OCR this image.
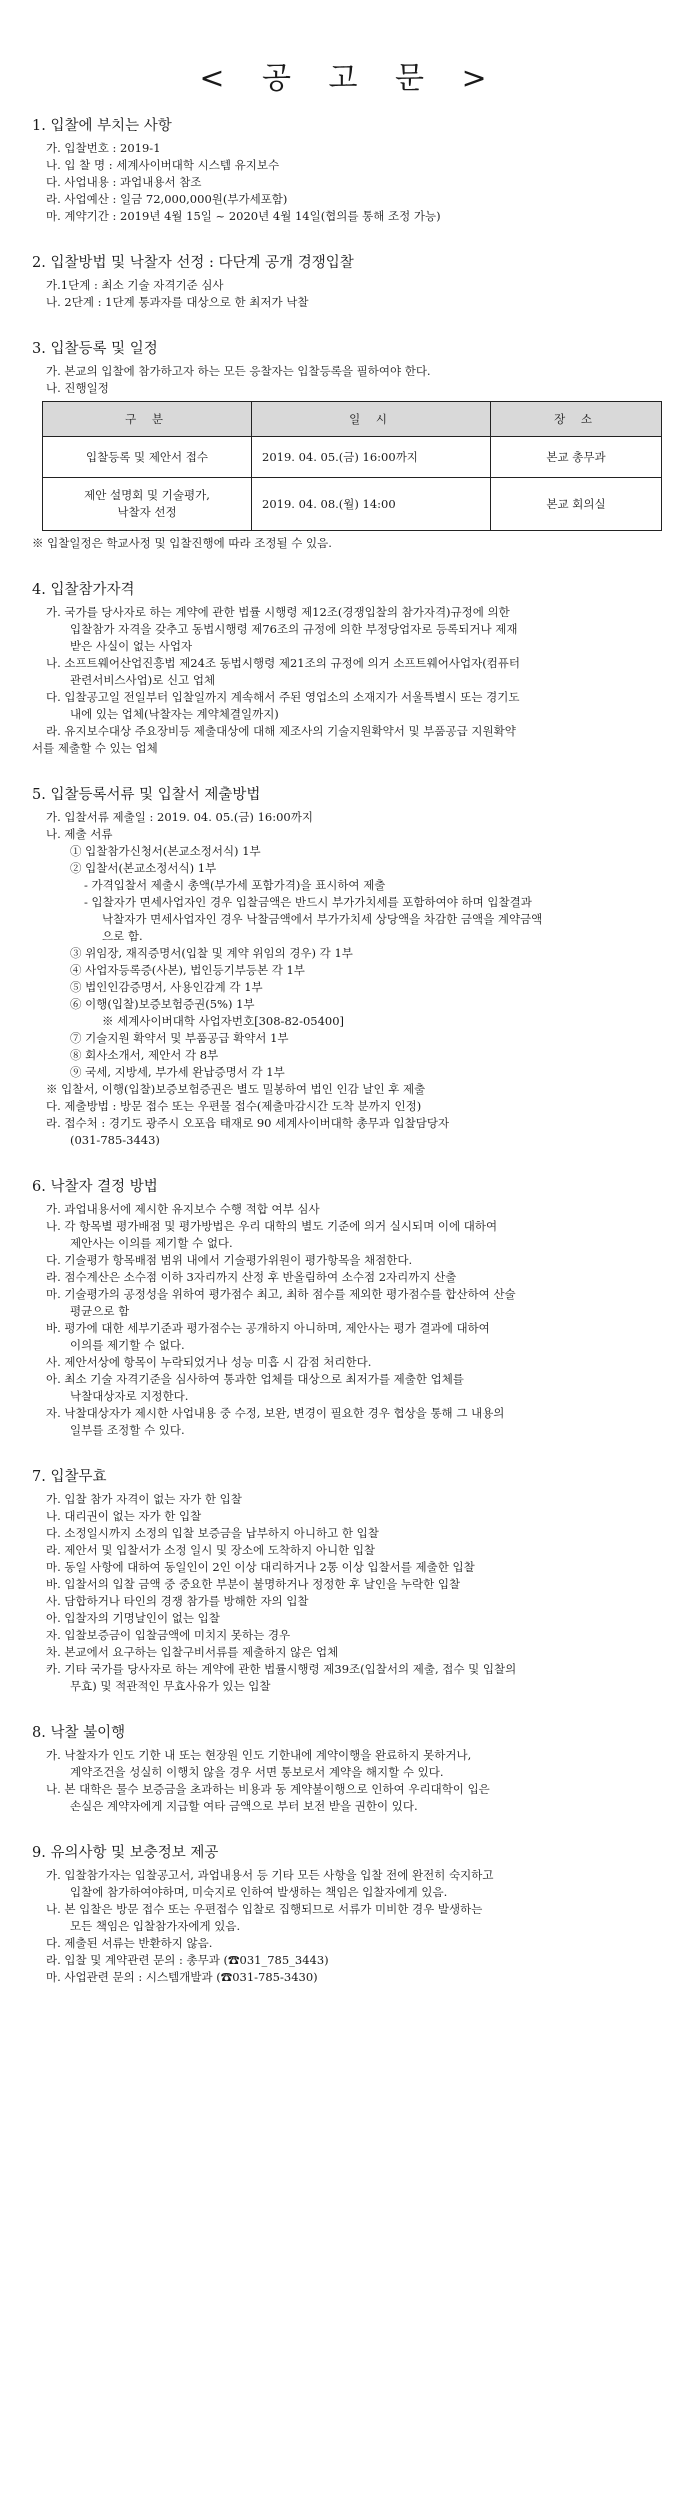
< 공 고 문 >
1. 입찰에 부치는 사항
가. 입찰번호 : 2019-1
나. 입 찰 명 : 세계사이버대학 시스템 유지보수
다. 사업내용 : 과업내용서 참조
라. 사업예산 : 일금 72,000,000원(부가세포함)
마. 계약기간 : 2019년 4월 15일 ~ 2020년 4월 14일(협의를 통해 조정 가능)
2. 입찰방법 및 낙찰자 선정 : 다단계 공개 경쟁입찰
가.1단계 : 최소 기술 자격기준 심사
나. 2단계 : 1단계 통과자를 대상으로 한 최저가 낙찰
3. 입찰등록 및 일정
가. 본교의 입찰에 참가하고자 하는 모든 응찰자는 입찰등록을 필하여야 한다.
나. 진행일정
구 분	일 시	장 소
입찰등록 및 제안서 접수	2019. 04. 05.(금) 16:00까지	본교 총무과

제안 설명회 및 기술평가,
낙찰자 선정	2019. 04. 08.(월) 14:00	본교 회의실
※ 입찰일정은 학교사정 및 입찰진행에 따라 조정될 수 있음.
4. 입찰참가자격
가. 국가를 당사자로 하는 계약에 관한 법률 시행령 제12조(경쟁입찰의 참가자격)규정에 의한
입찰참가 자격을 갖추고 동법시행령 제76조의 규정에 의한 부정당업자로 등록되거나 제재
받은 사실이 없는 사업자
나. 소프트웨어산업진흥법 제24조 동법시행령 제21조의 규정에 의거 소프트웨어사업자(컴퓨터
관련서비스사업)로 신고 업체
다. 입찰공고일 전일부터 입찰일까지 계속해서 주된 영업소의 소재지가 서울특별시 또는 경기도
내에 있는 업체(낙찰자는 계약체결일까지)
라. 유지보수대상 주요장비등 제출대상에 대해 제조사의 기술지원확약서 및 부품공급 지원확약
서를 제출할 수 있는 업체
5. 입찰등록서류 및 입찰서 제출방법
가. 입찰서류 제출일 : 2019. 04. 05.(금) 16:00까지
나. 제출 서류
① 입찰참가신청서(본교소정서식) 1부
② 입찰서(본교소정서식) 1부
- 가격입찰서 제출시 총액(부가세 포함가격)을 표시하여 제출
- 입찰자가 면세사업자인 경우 입찰금액은 반드시 부가가치세를 포함하여야 하며 입찰결과
낙찰자가 면세사업자인 경우 낙찰금액에서 부가가치세 상당액을 차감한 금액을 계약금액
으로 함.
③ 위임장, 재직증명서(입찰 및 계약 위임의 경우) 각 1부
④ 사업자등록증(사본), 법인등기부등본 각 1부
⑤ 법인인감증명서, 사용인감계 각 1부
⑥ 이행(입찰)보증보험증권(5%) 1부
※ 세계사이버대학 사업자번호[308-82-05400]
⑦ 기술지원 확약서 및 부품공급 확약서 1부
⑧ 회사소개서, 제안서 각 8부
⑨ 국세, 지방세, 부가세 완납증명서 각 1부
※ 입찰서, 이행(입찰)보증보험증권은 별도 밀봉하여 법인 인감 날인 후 제출
다. 제출방법 : 방문 접수 또는 우편물 접수(제출마감시간 도착 분까지 인정)
라. 접수처 : 경기도 광주시 오포읍 태재로 90 세계사이버대학 총무과 입찰담당자
(031-785-3443)
6. 낙찰자 결정 방법
가. 과업내용서에 제시한 유지보수 수행 적합 여부 심사
나. 각 항목별 평가배점 및 평가방법은 우리 대학의 별도 기준에 의거 실시되며 이에 대하여
제안사는 이의를 제기할 수 없다.
다. 기술평가 항목배점 범위 내에서 기술평가위원이 평가항목을 채점한다.
라. 점수계산은 소수점 이하 3자리까지 산정 후 반올림하여 소수점 2자리까지 산출
마. 기술평가의 공정성을 위하여 평가점수 최고, 최하 점수를 제외한 평가점수를 합산하여 산술
평균으로 함
바. 평가에 대한 세부기준과 평가점수는 공개하지 아니하며, 제안사는 평가 결과에 대하여
이의를 제기할 수 없다.
사. 제안서상에 항목이 누락되었거나 성능 미흡 시 감점 처리한다.
아. 최소 기술 자격기준을 심사하여 통과한 업체를 대상으로 최저가를 제출한 업체를
낙찰대상자로 지정한다.
자. 낙찰대상자가 제시한 사업내용 중 수정, 보완, 변경이 필요한 경우 협상을 통해 그 내용의
일부를 조정할 수 있다.
7. 입찰무효
가. 입찰 참가 자격이 없는 자가 한 입찰
나. 대리권이 없는 자가 한 입찰
다. 소정일시까지 소정의 입찰 보증금을 납부하지 아니하고 한 입찰
라. 제안서 및 입찰서가 소정 일시 및 장소에 도착하지 아니한 입찰
마. 동일 사항에 대하여 동일인이 2인 이상 대리하거나 2통 이상 입찰서를 제출한 입찰
바. 입찰서의 입찰 금액 중 중요한 부분이 불명하거나 정정한 후 날인을 누락한 입찰
사. 담합하거나 타인의 경쟁 참가를 방해한 자의 입찰
아. 입찰자의 기명날인이 없는 입찰
자. 입찰보증금이 입찰금액에 미치지 못하는 경우
차. 본교에서 요구하는 입찰구비서류를 제출하지 않은 업체
카. 기타 국가를 당사자로 하는 계약에 관한 법률시행령 제39조(입찰서의 제출, 접수 및 입찰의
무효) 및 적관적인 무효사유가 있는 입찰
8. 낙찰 불이행
가. 낙찰자가 인도 기한 내 또는 현장원 인도 기한내에 계약이행을 완료하지 못하거나,
계약조건을 성실히 이행치 않을 경우 서면 통보로서 계약을 해지할 수 있다.
나. 본 대학은 물수 보증금을 초과하는 비용과 동 계약불이행으로 인하여 우리대학이 입은
손실은 계약자에게 지급할 여타 금액으로 부터 보전 받을 권한이 있다.
9. 유의사항 및 보충정보 제공
가. 입찰참가자는 입찰공고서, 과업내용서 등 기타 모든 사항을 입찰 전에 완전히 숙지하고
입찰에 참가하여야하며, 미숙지로 인하여 발생하는 책임은 입찰자에게 있음.
나. 본 입찰은 방문 접수 또는 우편접수 입찰로 집행되므로 서류가 미비한 경우 발생하는
모든 책임은 입찰참가자에게 있음.
다. 제출된 서류는 반환하지 않음.
라. 입찰 및 계약관련 문의 : 총무과 (☎031_785_3443)
마. 사업관련 문의 : 시스템개발과 (☎031-785-3430)
